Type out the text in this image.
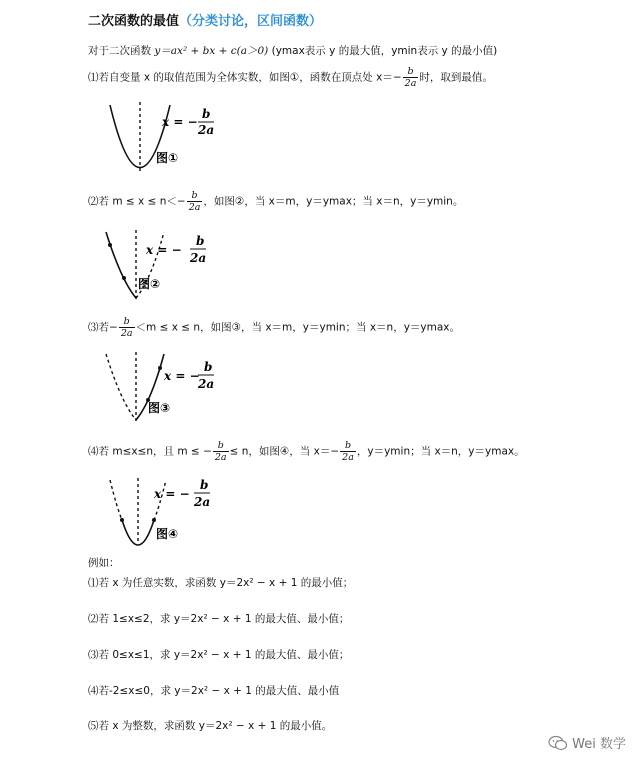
二次函数的最值（分类讨论，区间函数）
对于二次函数 y＝ax² + bx + c(a＞0) (ymax表示 y 的最大值，ymin表示 y 的最小值)
⑴若自变量 x 的取值范围为全体实数，如图①，函数在顶点处 $x=- \frac{b}{2a}$ 时，取到最值。
x = −
b
2a
图①
⑵若 $m \le x \le n<- \frac{b}{2a}$ ，如图②，当 x＝m，y＝ymax；当 x＝n，y＝ymin。
x = −
b
2a
图②
⑶若− $\frac{b}{2a} <m \le x \le n$，如图③，当 x＝m，y＝ymin；当 x＝n，y＝ymax。
x = −
b
2a
图③
⑷若 m≤x≤n，且 m ≤ − $\frac{b}{2a} \le n$，如图④，当 $x=- \frac{b}{2a}$ ，y＝ymin；当 x＝n，y＝ymax。
x = −
b
2a
图④
例如：
⑴若 x 为任意实数，求函数 y＝2x² − x + 1 的最小值；
⑵若 1≤x≤2，求 y＝2x² − x + 1 的最大值、最小值；
⑶若 0≤x≤1，求 y＝2x² − x + 1 的最大值、最小值；
⑷若-2≤x≤0，求 y＝2x² − x + 1 的最大值、最小值
⑸若 x 为整数，求函数 y＝2x² − x + 1 的最小值。
Wei 数学
